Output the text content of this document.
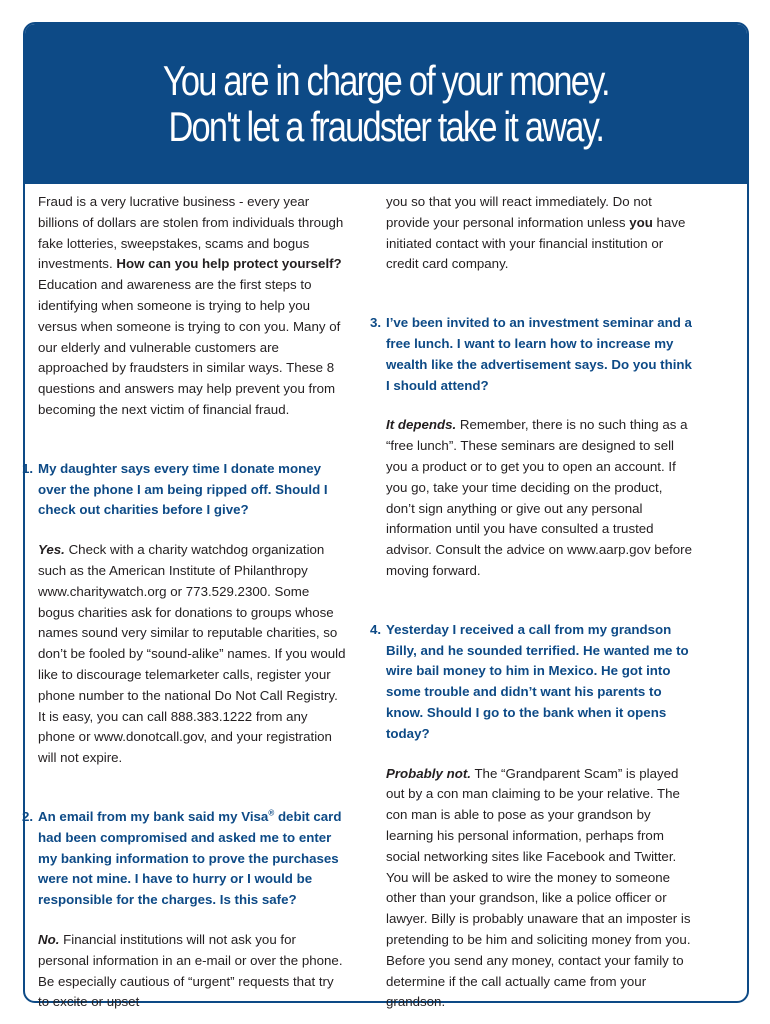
You are in charge of your money.
Don't let a fraudster take it away.

Fraud is a very lucrative business - every year billions of dollars are stolen from individuals through fake lotteries, sweepstakes, scams and bogus investments. How can you help protect yourself? Education and awareness are the first steps to identifying when someone is trying to help you versus when someone is trying to con you. Many of our elderly and vulnerable customers are approached by fraudsters in similar ways. These 8 questions and answers may help prevent you from becoming the next victim of financial fraud.

1. My daughter says every time I donate money over the phone I am being ripped off. Should I check out charities before I give?

Yes. Check with a charity watchdog organization such as the American Institute of Philanthropy www.charitywatch.org or 773.529.2300. Some bogus charities ask for donations to groups whose names sound very similar to reputable charities, so don’t be fooled by “sound-alike” names. If you would like to discourage telemarketer calls, register your phone number to the national Do Not Call Registry. It is easy, you can call 888.383.1222 from any phone or www.donotcall.gov, and your registration will not expire.

2. An email from my bank said my Visa® debit card had been compromised and asked me to enter my banking information to prove the purchases were not mine. I have to hurry or I would be responsible for the charges. Is this safe?

No. Financial institutions will not ask you for personal information in an e-mail or over the phone. Be especially cautious of “urgent” requests that try to excite or upset

you so that you will react immediately. Do not provide your personal information unless you have initiated contact with your financial institution or credit card company.

3. I’ve been invited to an investment seminar and a free lunch. I want to learn how to increase my wealth like the advertisement says. Do you think I should attend?

It depends. Remember, there is no such thing as a “free lunch”. These seminars are designed to sell you a product or to get you to open an account. If you go, take your time deciding on the product, don’t sign anything or give out any personal information until you have consulted a trusted advisor. Consult the advice on www.aarp.gov before moving forward.

4. Yesterday I received a call from my grandson Billy, and he sounded terrified. He wanted me to wire bail money to him in Mexico. He got into some trouble and didn’t want his parents to know. Should I go to the bank when it opens today?

Probably not. The “Grandparent Scam” is played out by a con man claiming to be your relative. The con man is able to pose as your grandson by learning his personal information, perhaps from social networking sites like Facebook and Twitter. You will be asked to wire the money to someone other than your grandson, like a police officer or lawyer. Billy is probably unaware that an imposter is pretending to be him and soliciting money from you. Before you send any money, contact your family to determine if the call actually came from your grandson.
